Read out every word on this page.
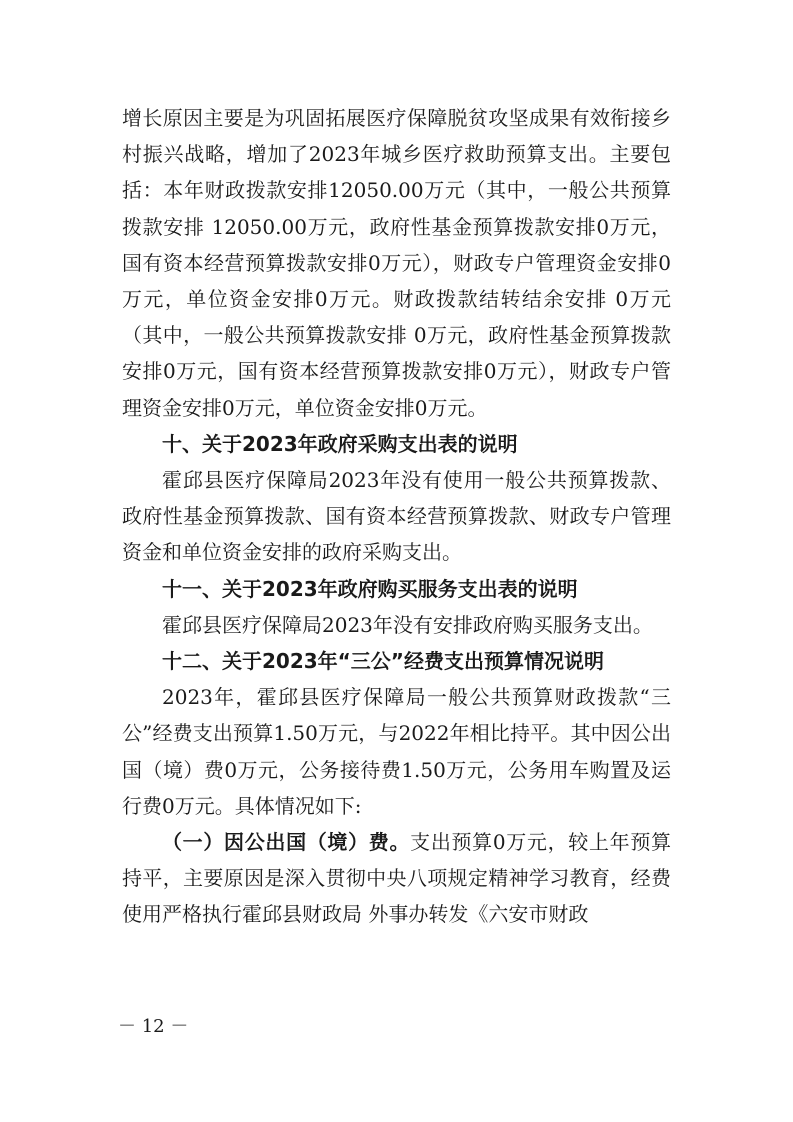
增长原因主要是为巩固拓展医疗保障脱贫攻坚成果有效衔接乡村振兴战略，增加了2023年城乡医疗救助预算支出。主要包括：本年财政拨款安排12050.00万元（其中，一般公共预算拨款安排 12050.00万元，政府性基金预算拨款安排0万元，国有资本经营预算拨款安排0万元），财政专户管理资金安排0万元，单位资金安排0万元。财政拨款结转结余安排 0万元（其中，一般公共预算拨款安排 0万元，政府性基金预算拨款安排0万元，国有资本经营预算拨款安排0万元），财政专户管理资金安排0万元，单位资金安排0万元。

十、关于2023年政府采购支出表的说明

霍邱县医疗保障局2023年没有使用一般公共预算拨款、政府性基金预算拨款、国有资本经营预算拨款、财政专户管理资金和单位资金安排的政府采购支出。

十一、关于2023年政府购买服务支出表的说明

霍邱县医疗保障局2023年没有安排政府购买服务支出。

十二、关于2023年“三公”经费支出预算情况说明

2023年，霍邱县医疗保障局一般公共预算财政拨款“三公”经费支出预算1.50万元，与2022年相比持平。其中因公出国（境）费0万元，公务接待费1.50万元，公务用车购置及运行费0万元。具体情况如下:

（一）因公出国（境）费。支出预算0万元，较上年预算持平，主要原因是深入贯彻中央八项规定精神学习教育，经费使用严格执行霍邱县财政局 外事办转发《六安市财政

－ 12 －
